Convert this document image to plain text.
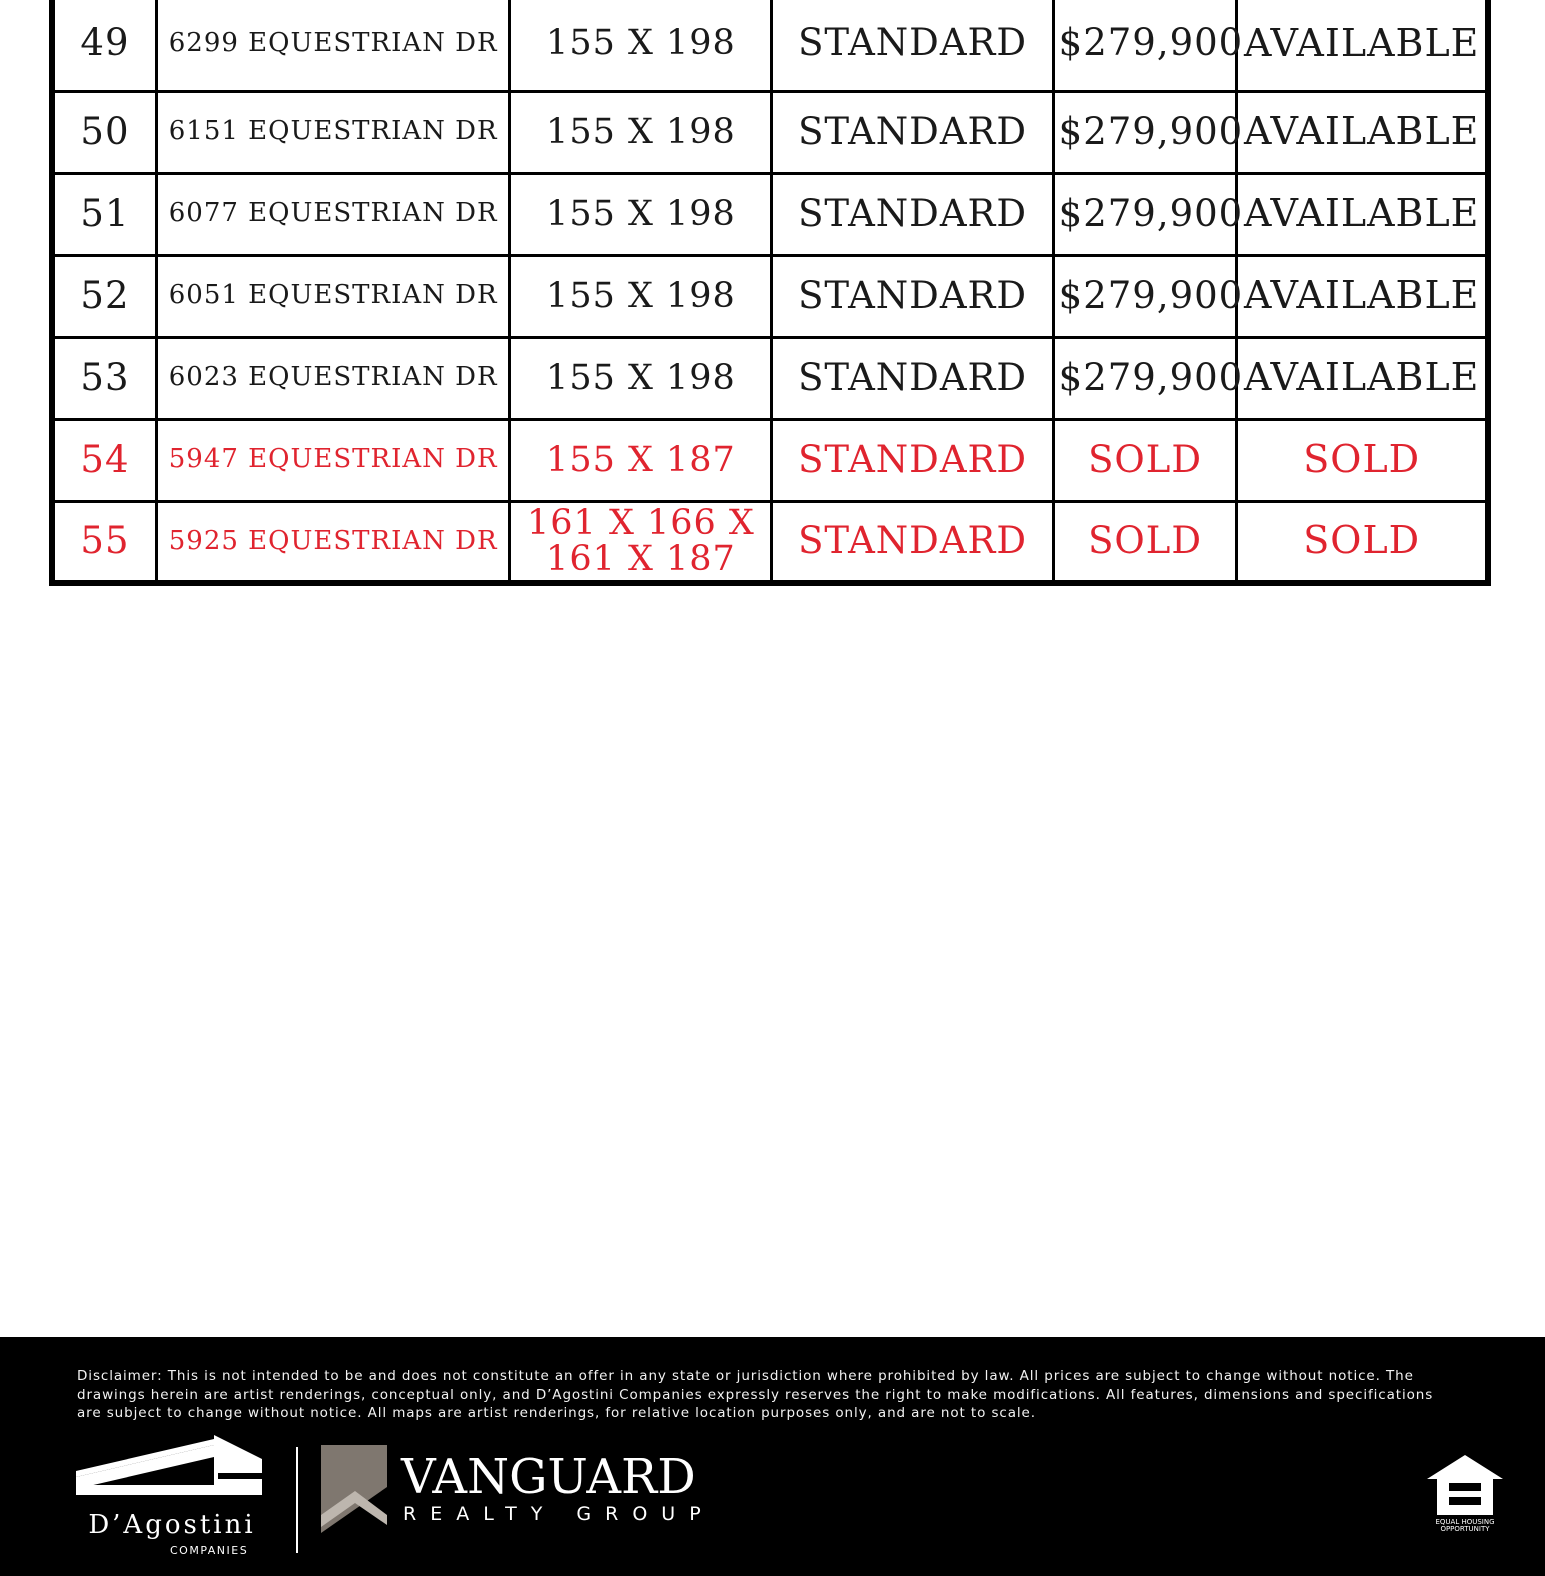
49	6299 EQUESTRIAN DR	155 X 198	STANDARD	$279,900	AVAILABLE
50	6151 EQUESTRIAN DR	155 X 198	STANDARD	$279,900	AVAILABLE
51	6077 EQUESTRIAN DR	155 X 198	STANDARD	$279,900	AVAILABLE
52	6051 EQUESTRIAN DR	155 X 198	STANDARD	$279,900	AVAILABLE
53	6023 EQUESTRIAN DR	155 X 198	STANDARD	$279,900	AVAILABLE
54	5947 EQUESTRIAN DR	155 X 187	STANDARD	SOLD	SOLD
55	5925 EQUESTRIAN DR	161 X 166 X 161 X 187	STANDARD	SOLD	SOLD

Disclaimer: This is not intended to be and does not constitute an offer in any state or jurisdiction where prohibited by law. All prices are subject to change without notice. The drawings herein are artist renderings, conceptual only, and D’Agostini Companies expressly reserves the right to make modifications. All features, dimensions and specifications are subject to change without notice. All maps are artist renderings, for relative location purposes only, and are not to scale.

D’Agostini
COMPANIES
VANGUARD
REALTY GROUP	EQUAL HOUSING OPPORTUNITY
